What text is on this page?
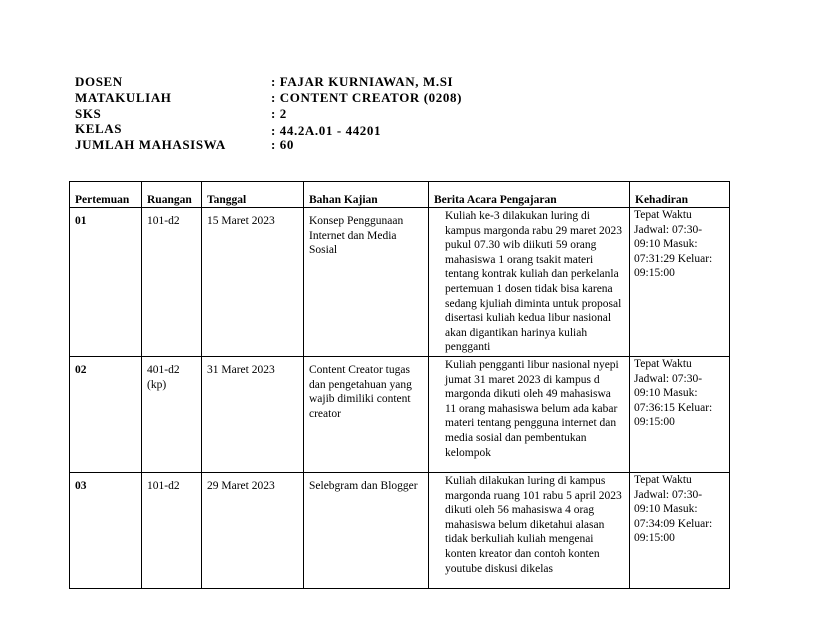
DOSEN	: FAJAR KURNIAWAN, M.SI
MATAKULIAH	: CONTENT CREATOR (0208)
SKS	: 2
KELAS	: 44.2A.01 - 44201
JUMLAH MAHASISWA	: 60
Pertemuan	Ruangan	Tanggal	Bahan Kajian	Berita Acara Pengajaran	Kehadiran
01	101-d2	15 Maret 2023	Konsep Penggunaan Internet dan Media Sosial	Kuliah ke-3 dilakukan luring di kampus margonda rabu 29 maret 2023 pukul 07.30 wib diikuti 59 orang mahasiswa 1 orang tsakit materi tentang kontrak kuliah dan perkelanla pertemuan 1 dosen tidak bisa karena sedang kjuliah diminta untuk proposal disertasi kuliah kedua libur nasional akan digantikan harinya kuliah pengganti	Tepat Waktu Jadwal: 07:30-09:10 Masuk: 07:31:29 Keluar: 09:15:00
02	401-d2 (kp)	31 Maret 2023	Content Creator tugas dan pengetahuan yang wajib dimiliki content creator	Kuliah pengganti libur nasional nyepi jumat 31 maret 2023 di kampus d margonda dikuti oleh 49 mahasiswa 11 orang mahasiswa belum ada kabar materi tentang pengguna internet dan media sosial dan pembentukan kelompok	Tepat Waktu Jadwal: 07:30-09:10 Masuk: 07:36:15 Keluar: 09:15:00
03	101-d2	29 Maret 2023	Selebgram dan Blogger	Kuliah dilakukan luring di kampus margonda ruang 101 rabu 5 april 2023 dikuti oleh 56 mahasiswa 4 orag mahasiswa belum diketahui alasan tidak berkuliah kuliah mengenai konten kreator dan contoh konten youtube diskusi dikelas	Tepat Waktu Jadwal: 07:30-09:10 Masuk: 07:34:09 Keluar: 09:15:00
